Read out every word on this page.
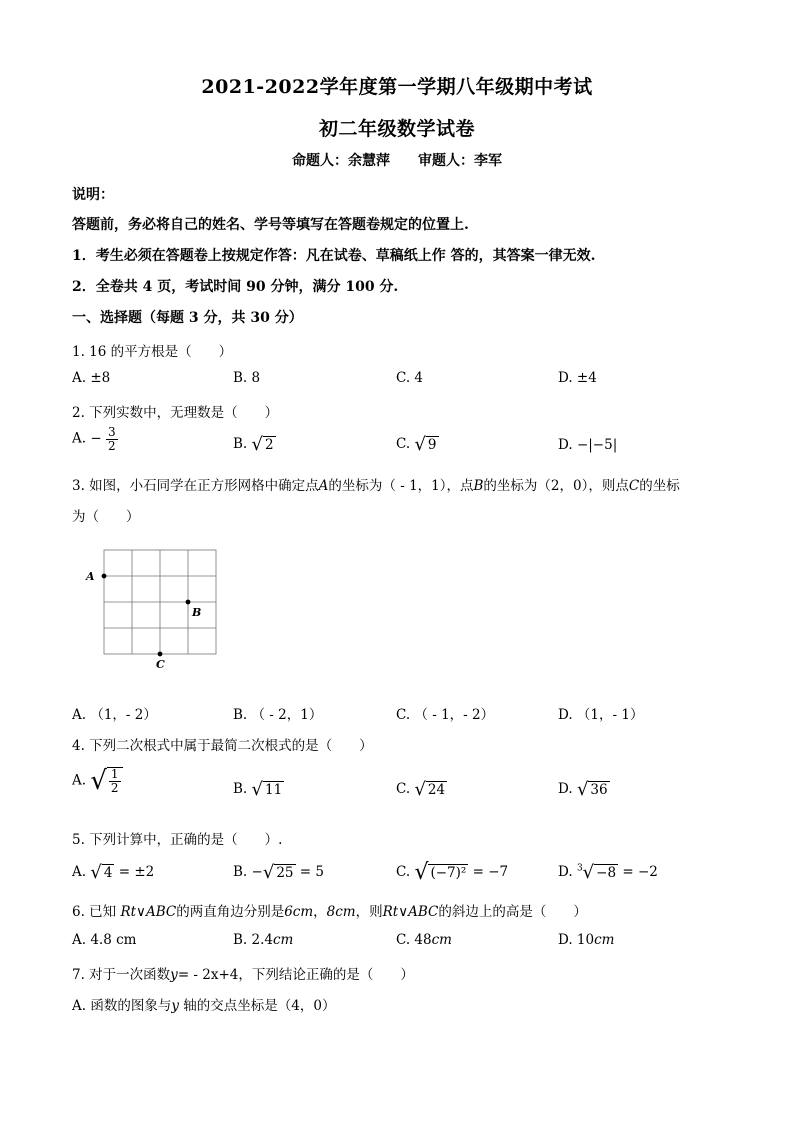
2021-2022学年度第一学期八年级期中考试
初二年级数学试卷
命题人：余慧萍　　审题人：李军
说明：
答题前，务必将自己的姓名、学号等填写在答题卷规定的位置上.
1．考生必须在答题卷上按规定作答：凡在试卷、草稿纸上作 答的，其答案一律无效.
2．全卷共 4 页，考试时间 90 分钟，满分 100 分.
一、选择题（每题 3 分，共 30 分）
1. 16 的平方根是（　　）
A. ±8	B. 8	C. 4	D. ±4
2. 下列实数中，无理数是（　　）
A. − $\frac{3}{2}$	B. √ 2	C. √ 9	D. −|−5|
3. 如图，小石同学在正方形网格中确定点A的坐标为（ - 1，1），点B的坐标为（2，0），则点C的坐标
为（　　）
A
B
C
A. （1，- 2）	B. （ - 2，1）	C. （ - 1，- 2）	D. （1，- 1）
4. 下列二次根式中属于最简二次根式的是（　　）
A. √ $\frac{1}{2}$	B. √ 11	C. √ 24	D. √ 36
5. 下列计算中，正确的是（　　）.
A. √ 4 = ±2	B. −√ 25 = 5	C. √ (−7)² = −7	D. $^3$√ −8 = −2
6. 已知 Rt∨ABC的两直角边分别是6cm，8cm，则Rt∨ABC的斜边上的高是（　　）
A. 4.8 cm	B. 2.4cm	C. 48cm	D. 10cm
7. 对于一次函数y= - 2x+4，下列结论正确的是（　　）
A. 函数的图象与y 轴的交点坐标是（4，0）
